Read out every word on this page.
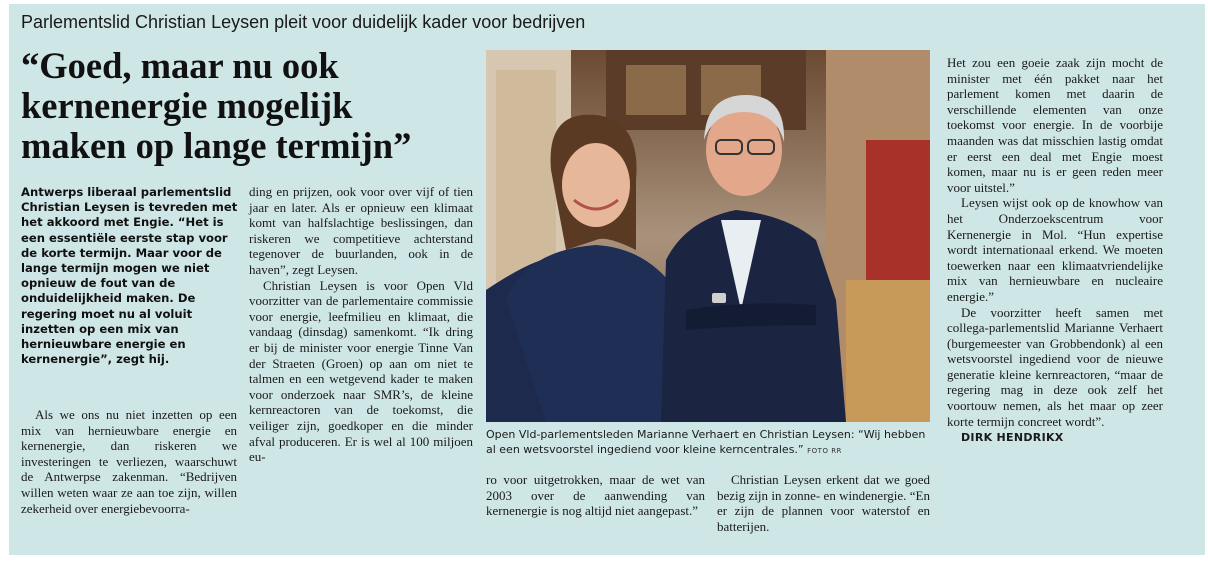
Parlementslid Christian Leysen pleit voor duidelijk kader voor bedrijven
“Goed, maar nu ook
kernenergie mogelijk
maken op lange termijn”
Antwerps liberaal parlementslid
Christian Leysen is tevreden met
het akkoord met Engie. “Het is
een essentiële eerste stap voor
de korte termijn. Maar voor de
lange termijn mogen we niet
opnieuw de fout van de
onduidelijkheid maken. De
regering moet nu al voluit
inzetten op een mix van
hernieuwbare energie en
kernenergie”, zegt hij.

Als we ons nu niet inzetten op een mix van hernieuwbare energie en kernenergie, dan riskeren we investeringen te verliezen, waarschuwt de Antwerpse zakenman. “Bedrijven willen weten waar ze aan toe zijn, willen zekerheid over energiebevoorra-

ding en prijzen, ook voor over vijf of tien jaar en later. Als er opnieuw een klimaat komt van halfslachtige beslissingen, dan riskeren we competitieve achterstand tegenover de buurlanden, ook in de haven”, zegt Leysen.

Christian Leysen is voor Open Vld voorzitter van de parlementaire commissie voor energie, leefmilieu en klimaat, die vandaag (dinsdag) samenkomt. “Ik dring er bij de minister voor energie Tinne Van der Straeten (Groen) op aan om niet te talmen en een wetgevend kader te maken voor onderzoek naar SMR’s, de kleine kernreactoren van de toekomst, die veiliger zijn, goedkoper en die minder afval produceren. Er is wel al 100 miljoen eu-

Open Vld-parlementsleden Marianne Verhaert en Christian Leysen: “Wij hebben al een wetsvoorstel ingediend voor kleine kerncentrales.” FOTO RR

ro voor uitgetrokken, maar de wet van 2003 over de aanwending van kernenergie is nog altijd niet aangepast.”

Christian Leysen erkent dat we goed bezig zijn in zonne- en windenergie. “En er zijn de plannen voor waterstof en batterijen.

Het zou een goeie zaak zijn mocht de minister met één pakket naar het parlement komen met daarin de verschillende elementen van onze toekomst voor energie. In de voorbije maanden was dat misschien lastig omdat er eerst een deal met Engie moest komen, maar nu is er geen reden meer voor uitstel.”

Leysen wijst ook op de knowhow van het Onderzoekscentrum voor Kernenergie in Mol. “Hun expertise wordt internationaal erkend. We moeten toewerken naar een klimaatvriendelijke mix van hernieuwbare en nucleaire energie.”

De voorzitter heeft samen met collega-parlementslid Marianne Verhaert (burgemeester van Grobbendonk) al een wetsvoorstel ingediend voor de nieuwe generatie kleine kernreactoren, “maar de regering mag in deze ook zelf het voortouw nemen, als het maar op zeer korte termijn concreet wordt”.

DIRK HENDRIKX
